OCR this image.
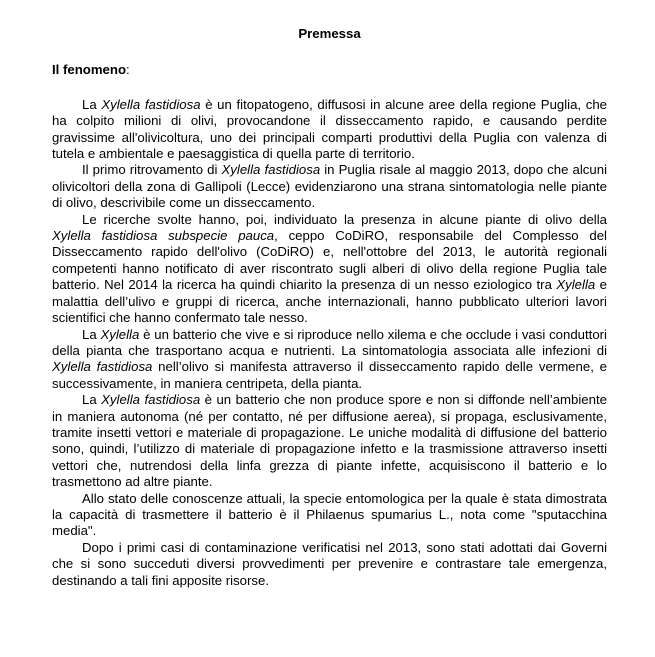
Premessa
Il fenomeno:

La Xylella fastidiosa è un fitopatogeno, diffusosi in alcune aree della regione Puglia, che ha colpito milioni di olivi, provocandone il disseccamento rapido, e causando perdite gravissime all'olivicoltura, uno dei principali comparti produttivi della Puglia con valenza di tutela e ambientale e paesaggistica di quella parte di territorio.

Il primo ritrovamento di Xylella fastidiosa in Puglia risale al maggio 2013, dopo che alcuni olivicoltori della zona di Gallipoli (Lecce) evidenziarono una strana sintomatologia nelle piante di olivo, descrivibile come un disseccamento.

Le ricerche svolte hanno, poi, individuato la presenza in alcune piante di olivo della Xylella fastidiosa subspecie pauca, ceppo CoDiRO, responsabile del Complesso del Disseccamento rapido dell'olivo (CoDiRO) e, nell'ottobre del 2013, le autorità regionali competenti hanno notificato di aver riscontrato sugli alberi di olivo della regione Puglia tale batterio. Nel 2014 la ricerca ha quindi chiarito la presenza di un nesso eziologico tra Xylella e malattia dell’ulivo e gruppi di ricerca, anche internazionali, hanno pubblicato ulteriori lavori scientifici che hanno confermato tale nesso.

La Xylella è un batterio che vive e si riproduce nello xilema e che occlude i vasi conduttori della pianta che trasportano acqua e nutrienti. La sintomatologia associata alle infezioni di Xylella fastidiosa nell’olivo si manifesta attraverso il disseccamento rapido delle vermene, e successivamente, in maniera centripeta, della pianta.

La Xylella fastidiosa è un batterio che non produce spore e non si diffonde nell’ambiente in maniera autonoma (né per contatto, né per diffusione aerea), si propaga, esclusivamente, tramite insetti vettori e materiale di propagazione. Le uniche modalità di diffusione del batterio sono, quindi, l’utilizzo di materiale di propagazione infetto e la trasmissione attraverso insetti vettori che, nutrendosi della linfa grezza di piante infette, acquisiscono il batterio e lo trasmettono ad altre piante.

Allo stato delle conoscenze attuali, la specie entomologica per la quale è stata dimostrata la capacità di trasmettere il batterio è il Philaenus spumarius L., nota come "sputacchina media".

Dopo i primi casi di contaminazione verificatisi nel 2013, sono stati adottati dai Governi che si sono succeduti diversi provvedimenti per prevenire e contrastare tale emergenza, destinando a tali fini apposite risorse.
